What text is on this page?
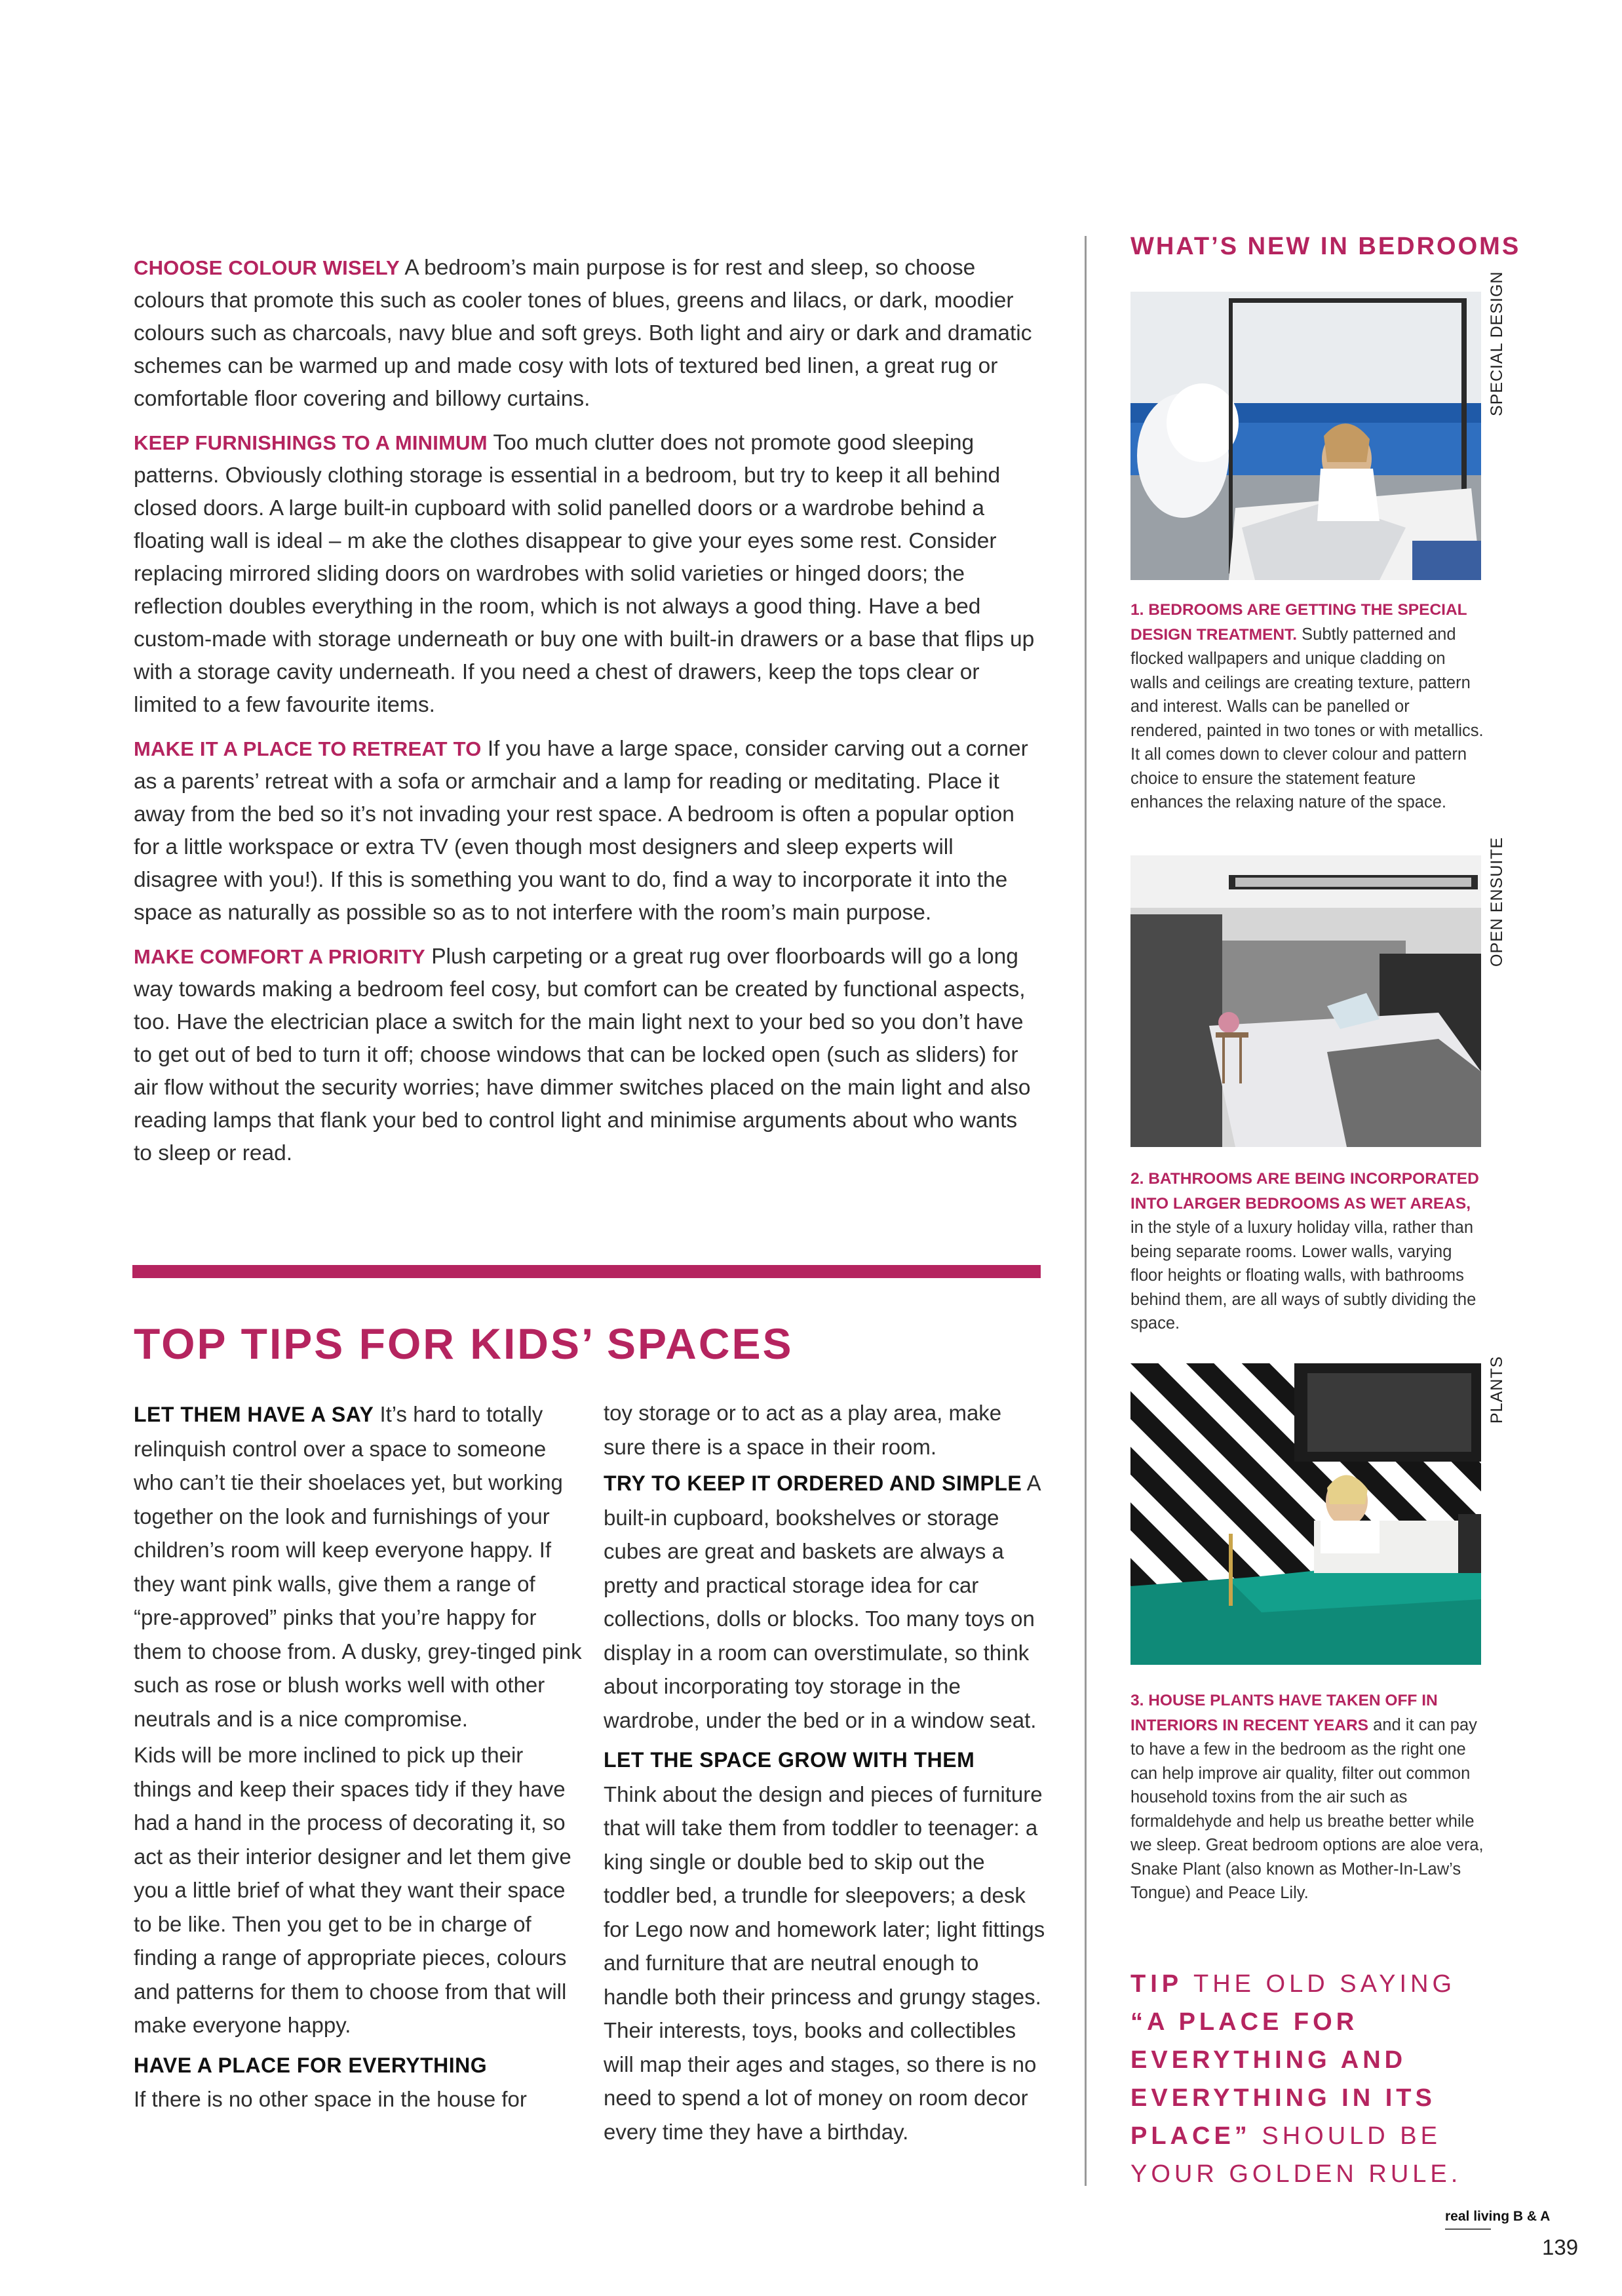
CHOOSE COLOUR WISELY A bedroom’s main purpose is for rest and sleep, so choose colours that promote this such as cooler tones of blues, greens and lilacs, or dark, moodier colours such as charcoals, navy blue and soft greys. Both light and airy or dark and dramatic schemes can be warmed up and made cosy with lots of textured bed linen, a great rug or comfortable floor covering and billowy curtains.

KEEP FURNISHINGS TO A MINIMUM Too much clutter does not promote good sleeping patterns. Obviously clothing storage is essential in a bedroom, but try to keep it all behind closed doors. A large built-in cupboard with solid panelled doors or a wardrobe behind a floating wall is ideal – m ake the clothes disappear to give your eyes some rest. Consider replacing mirrored sliding doors on wardrobes with solid varieties or hinged doors; the reflection doubles everything in the room, which is not always a good thing. Have a bed custom-made with storage underneath or buy one with built-in drawers or a base that flips up with a storage cavity underneath. If you need a chest of drawers, keep the tops clear or limited to a few favourite items.

MAKE IT A PLACE TO RETREAT TO If you have a large space, consider carving out a corner as a parents’ retreat with a sofa or armchair and a lamp for reading or meditating. Place it away from the bed so it’s not invading your rest space. A bedroom is often a popular option for a little workspace or extra TV (even though most designers and sleep experts will disagree with you!). If this is something you want to do, find a way to incorporate it into the space as naturally as possible so as to not interfere with the room’s main purpose.

MAKE COMFORT A PRIORITY Plush carpeting or a great rug over floorboards will go a long way towards making a bedroom feel cosy, but comfort can be created by functional aspects, too. Have the electrician place a switch for the main light next to your bed so you don’t have to get out of bed to turn it off; choose windows that can be locked open (such as sliders) for air flow without the security worries; have dimmer switches placed on the main light and also reading lamps that flank your bed to control light and minimise arguments about who wants to sleep or read.

TOP TIPS FOR KIDS’ SPACES

LET THEM HAVE A SAY It’s hard to totally relinquish control over a space to someone who can’t tie their shoelaces yet, but working together on the look and furnishings of your children’s room will keep everyone happy. If they want pink walls, give them a range of “pre-approved” pinks that you’re happy for them to choose from. A dusky, grey-tinged pink such as rose or blush works well with other neutrals and is a nice compromise.

Kids will be more inclined to pick up their things and keep their spaces tidy if they have had a hand in the process of decorating it, so act as their interior designer and let them give you a little brief of what they want their space to be like. Then you get to be in charge of finding a range of appropriate pieces, colours and patterns for them to choose from that will make everyone happy.

HAVE A PLACE FOR EVERYTHING

If there is no other space in the house for

toy storage or to act as a play area, make sure there is a space in their room.

TRY TO KEEP IT ORDERED AND SIMPLE A built-in cupboard, bookshelves or storage cubes are great and baskets are always a pretty and practical storage idea for car collections, dolls or blocks. Too many toys on display in a room can overstimulate, so think about incorporating toy storage in the wardrobe, under the bed or in a window seat.

LET THE SPACE GROW WITH THEM

Think about the design and pieces of furniture that will take them from toddler to teenager: a king single or double bed to skip out the toddler bed, a trundle for sleepovers; a desk for Lego now and homework later; light fittings and furniture that are neutral enough to handle both their princess and grungy stages. Their interests, toys, books and collectibles will map their ages and stages, so there is no need to spend a lot of money on room decor every time they have a birthday.

WHAT’S NEW IN BEDROOMS
SPECIAL DESIGN
1. BEDROOMS ARE GETTING THE SPECIAL DESIGN TREATMENT. Subtly patterned and flocked wallpapers and unique cladding on walls and ceilings are creating texture, pattern and interest. Walls can be panelled or rendered, painted in two tones or with metallics. It all comes down to clever colour and pattern choice to ensure the statement feature enhances the relaxing nature of the space.
OPEN ENSUITE
2. BATHROOMS ARE BEING INCORPORATED INTO LARGER BEDROOMS AS WET AREAS, in the style of a luxury holiday villa, rather than being separate rooms. Lower walls, varying floor heights or floating walls, with bathrooms behind them, are all ways of subtly dividing the space.
PLANTS
3. HOUSE PLANTS HAVE TAKEN OFF IN INTERIORS IN RECENT YEARS and it can pay to have a few in the bedroom as the right one can help improve air quality, filter out common household toxins from the air such as formaldehyde and help us breathe better while we sleep. Great bedroom options are aloe vera, Snake Plant (also known as Mother-In-Law’s Tongue) and Peace Lily.
TIP THE OLD SAYING “A PLACE FOR EVERYTHING AND EVERYTHING IN ITS PLACE” SHOULD BE YOUR GOLDEN RULE.
real living B & A
139
